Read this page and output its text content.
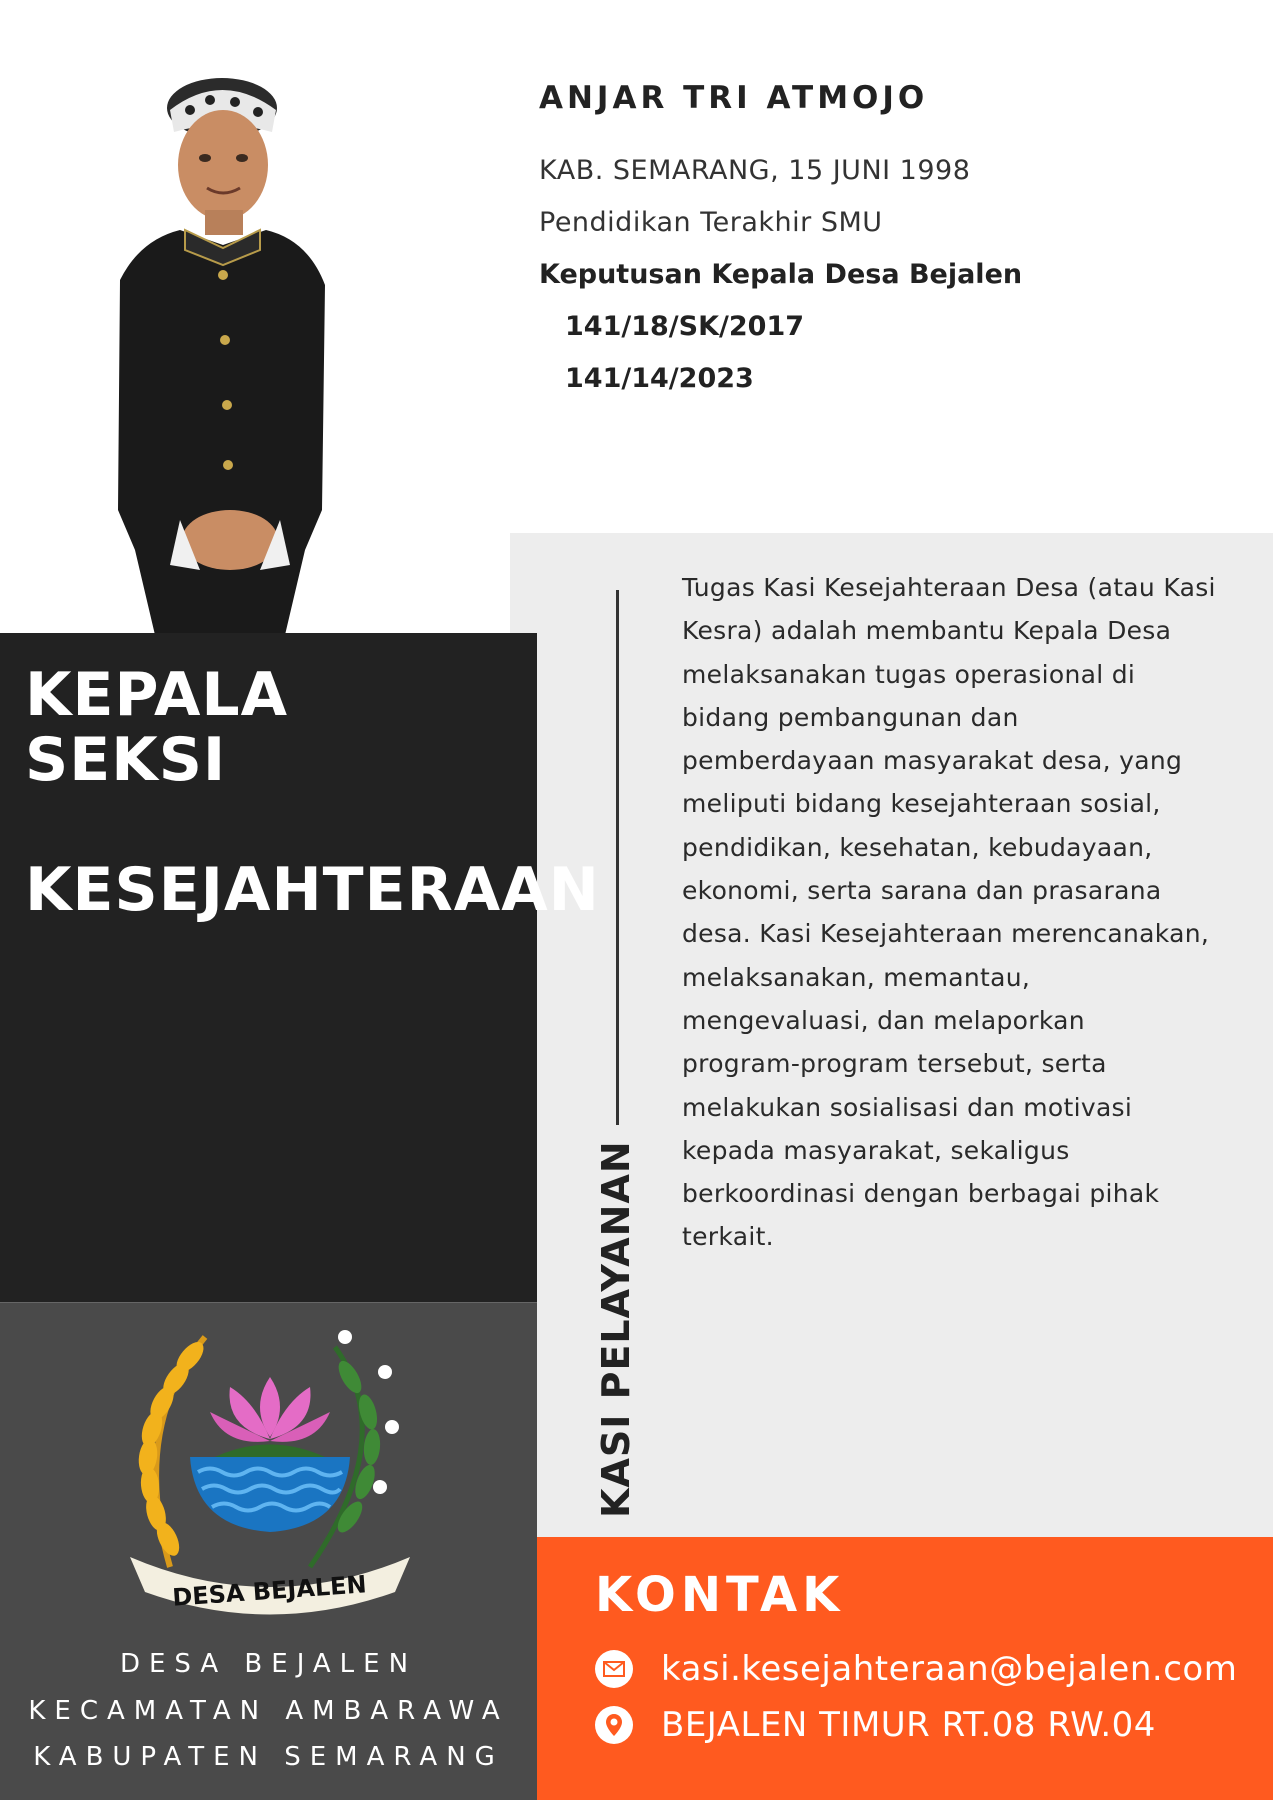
ANJAR TRI ATMOJO
KAB. SEMARANG, 15 JUNI 1998
Pendidikan Terakhir SMU
Keputusan Kepala Desa Bejalen
141/18/SK/2017
141/14/2023
KEPALA
SEKSI
KESEJAHTERAAN
KASI PELAYANAN
Tugas Kasi Kesejahteraan Desa (atau Kasi
Kesra) adalah membantu Kepala Desa
melaksanakan tugas operasional di
bidang pembangunan dan
pemberdayaan masyarakat desa, yang
meliputi bidang kesejahteraan sosial,
pendidikan, kesehatan, kebudayaan,
ekonomi, serta sarana dan prasarana
desa. Kasi Kesejahteraan merencanakan,
melaksanakan, memantau,
mengevaluasi, dan melaporkan
program-program tersebut, serta
melakukan sosialisasi dan motivasi
kepada masyarakat, sekaligus
berkoordinasi dengan berbagai pihak
terkait.
DESA BEJALEN
DESA BEJALEN
KECAMATAN AMBARAWA
KABUPATEN SEMARANG
KONTAK
kasi.kesejahteraan@bejalen.com
BEJALEN TIMUR RT.08 RW.04
